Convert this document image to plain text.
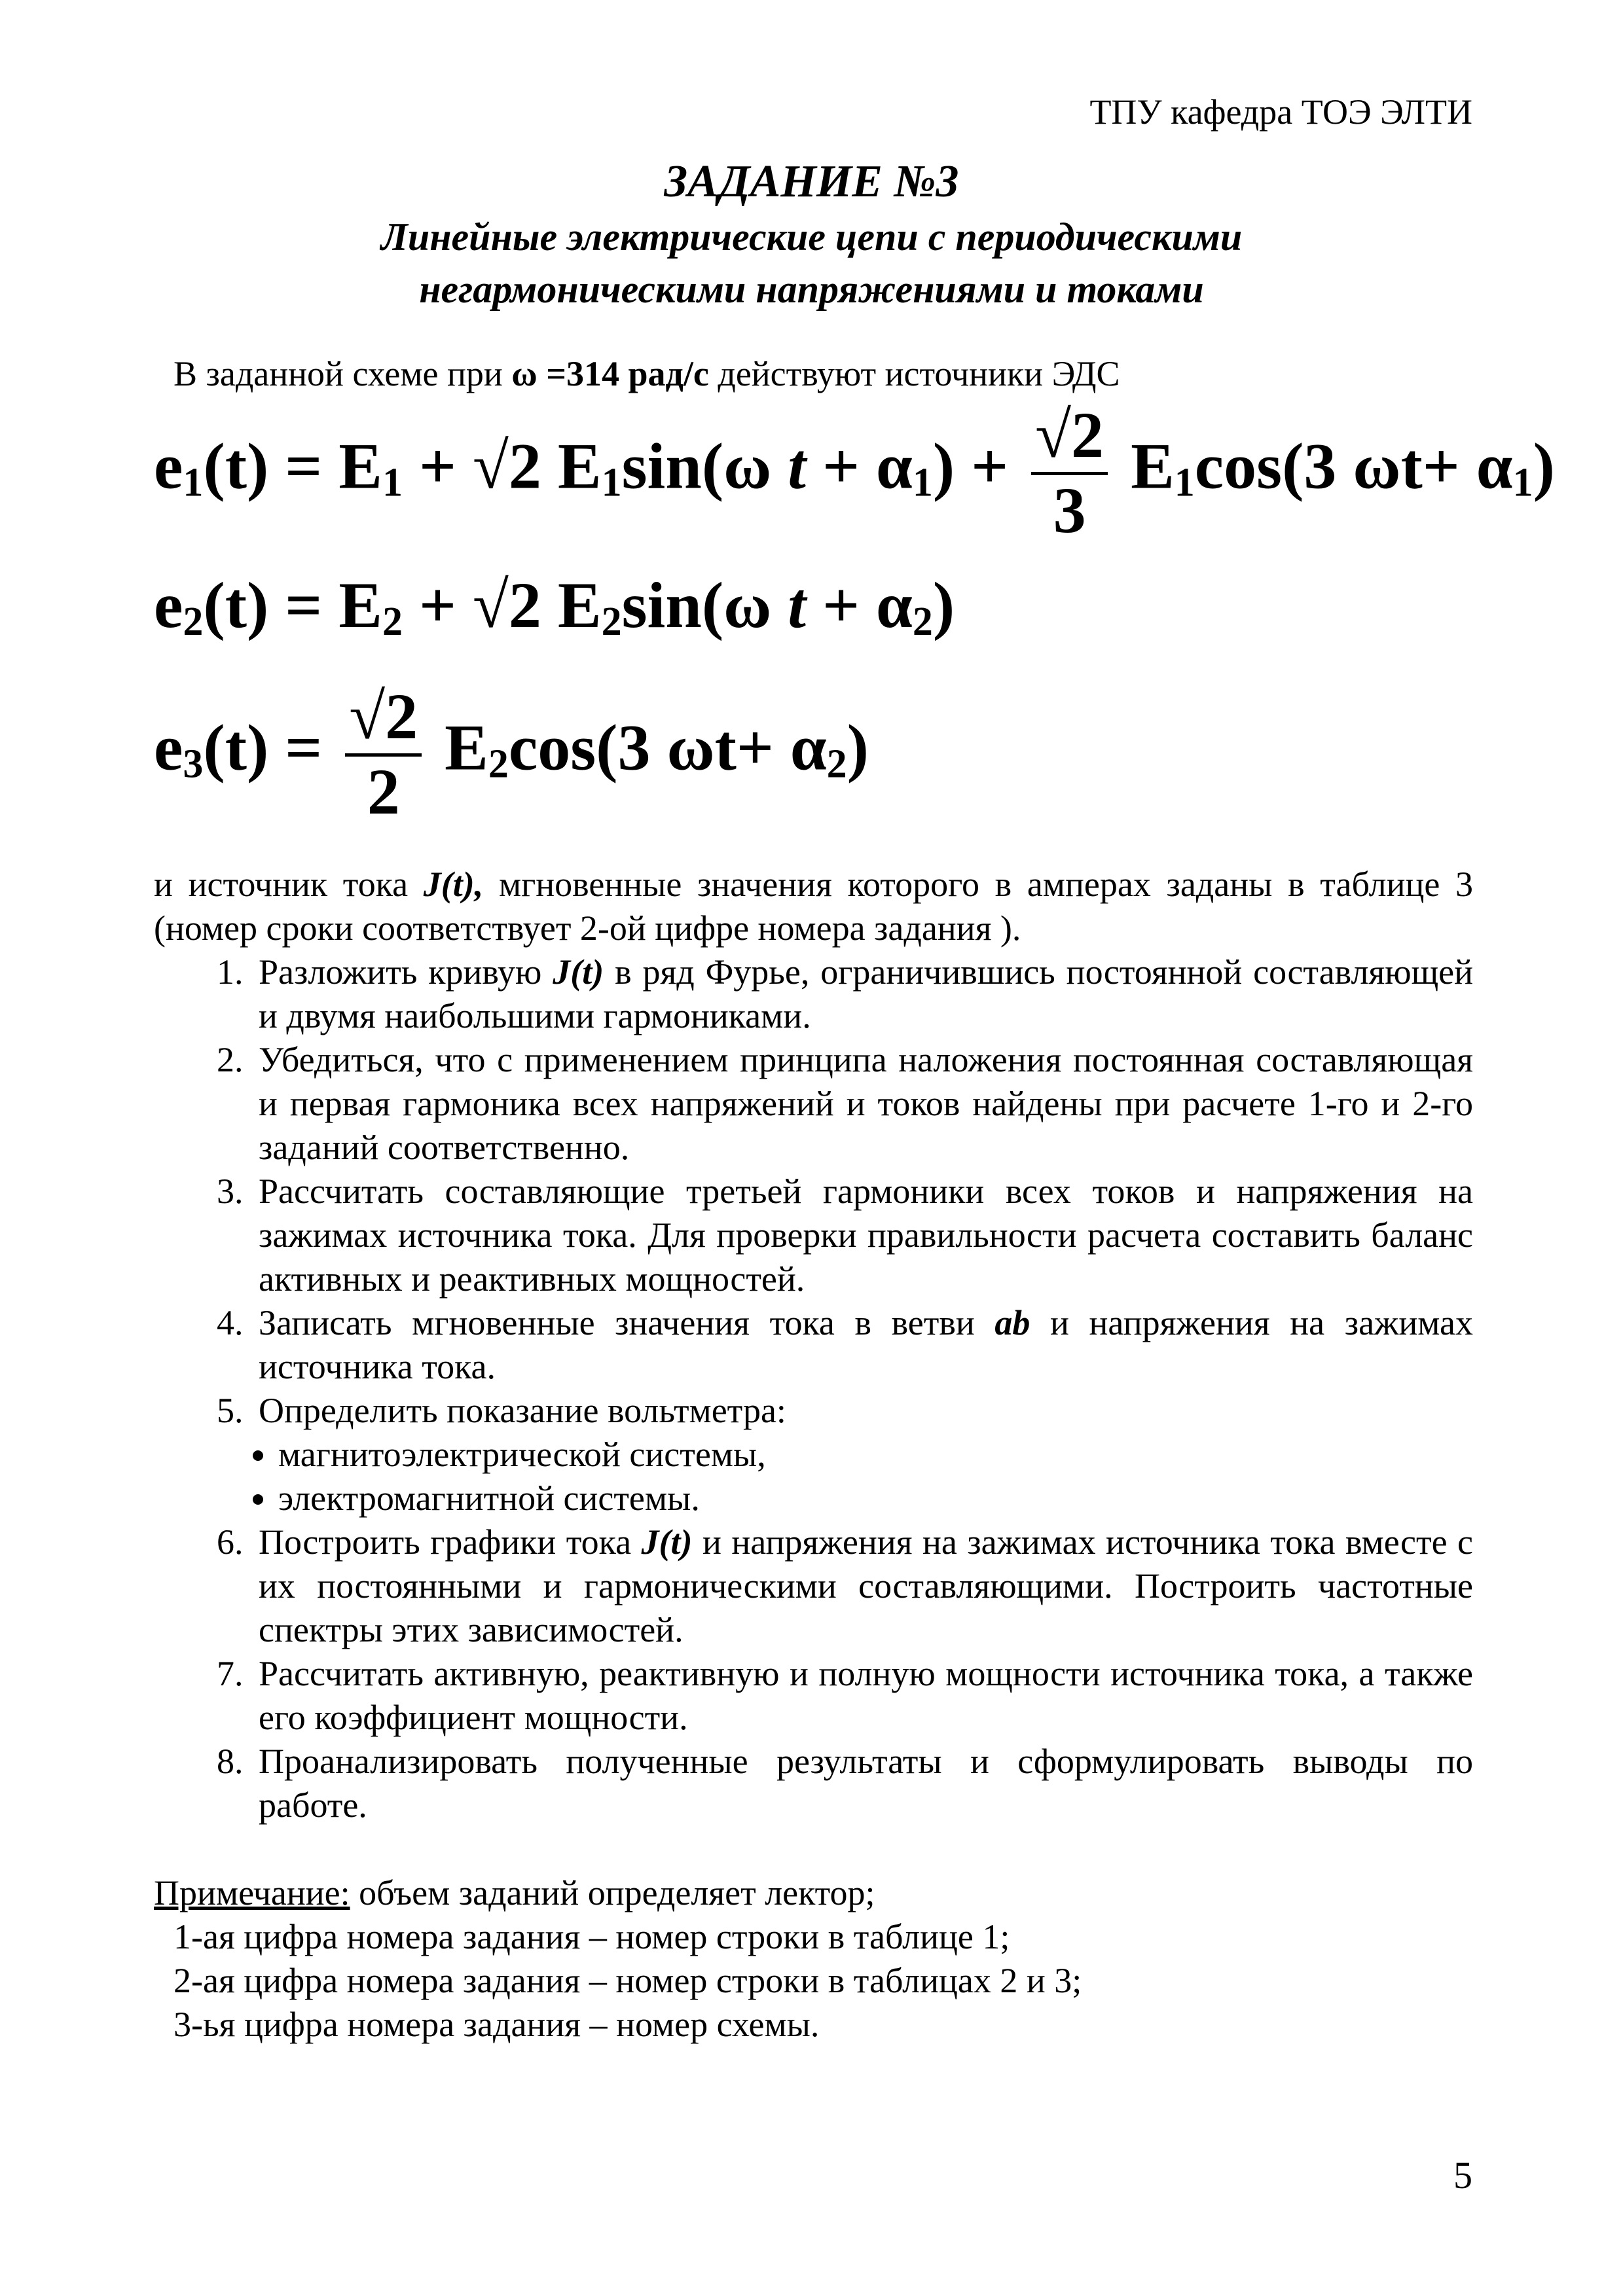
ТПУ кафедра ТОЭ ЭЛТИ
ЗАДАНИЕ №3
Линейные электрические цепи с периодическими
негармоническими напряжениями и токами
В заданной схеме при ω =314 рад/с действуют источники ЭДС
$e_1(t) = E_1 + √2$ $E_1\sin(\omega$ $t + \alpha_1) + \frac{√2}{3} E_1\cos(3$ $\omega t+ \alpha_1$)
$e_2(t) = E_2 + √2$ $E_2\sin(\omega$ $t + \alpha_2$)
$e_3(t) = \frac{√2}{2} E_2\cos(3$ $\omega t+ \alpha_2$)

и источник тока J(t), мгновенные значения которого в амперах заданы в таблице 3 (номер сроки соответствует 2-ой цифре номера задания ).

1. Разложить кривую J(t) в ряд Фурье, ограничившись постоянной составляющей и двумя наибольшими гармониками.
2. Убедиться, что с применением принципа наложения постоянная составляющая и первая гармоника всех напряжений и токов найдены при расчете 1-го и 2-го заданий соответственно.
3. Рассчитать составляющие третьей гармоники всех токов и напряжения на зажимах источника тока. Для проверки правильности расчета составить баланс активных и реактивных мощностей.
4. Записать мгновенные значения тока в ветви ab и напряжения на зажимах источника тока.
5. Определить показание вольтметра:
• магнитоэлектрической системы,
• электромагнитной системы.
6. Построить графики тока J(t) и напряжения на зажимах источника тока вместе с их постоянными и гармоническими составляющими. Построить частотные спектры этих зависимостей.
7. Рассчитать активную, реактивную и полную мощности источника тока, а также его коэффициент мощности.
8. Проанализировать полученные результаты и сформулировать выводы по работе.

Примечание: объем заданий определяет лектор;

1-ая цифра номера задания – номер строки в таблице 1;

2-ая цифра номера задания – номер строки в таблицах 2 и 3;

3-ья цифра номера задания – номер схемы.

5
